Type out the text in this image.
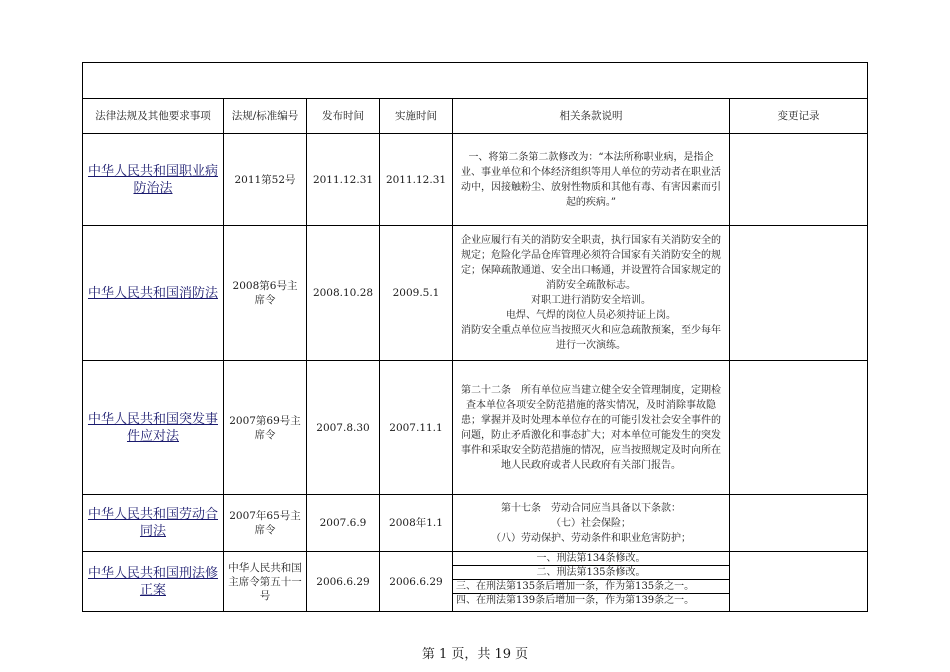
法律法规及其他要求事项	法规/标准编号	发布时间	实施时间	相关条款说明	变更记录
中华人民共和国职业病防治法	2011第52号	2011.12.31	2011.12.31	一、将第二条第二款修改为：“本法所称职业病，是指企业、事业单位和个体经济组织等用人单位的劳动者在职业活动中，因接触粉尘、放射性物质和其他有毒、有害因素而引起的疾病。”	

中华人民共和国消防法	2008第6号主席令	2008.10.28	2009.5.1	企业应履行有关的消防安全职责，执行国家有关消防安全的规定；危险化学品仓库管理必须符合国家有关消防安全的规定；保障疏散通道、安全出口畅通，并设置符合国家规定的消防安全疏散标志。
对职工进行消防安全培训。
电焊、气焊的岗位人员必须持证上岗。
消防安全重点单位应当按照灭火和应急疏散预案，至少每年进行一次演练。	

中华人民共和国突发事件应对法	2007第69号主席令	2007.8.30	2007.11.1	第二十二条　所有单位应当建立健全安全管理制度，定期检查本单位各项安全防范措施的落实情况，及时消除事故隐患；掌握并及时处理本单位存在的可能引发社会安全事件的问题，防止矛盾激化和事态扩大；对本单位可能发生的突发事件和采取安全防范措施的情况，应当按照规定及时向所在地人民政府或者人民政府有关部门报告。	

中华人民共和国劳动合同法	2007年65号主席令	2007.6.9	2008年1.1	第十七条　劳动合同应当具备以下条款：
（七）社会保险；
（八）劳动保护、劳动条件和职业危害防护；	

中华人民共和国刑法修正案	中华人民共和国主席令第五十一号	2006.6.29	2006.6.29	一、刑法第134条修改。
二、刑法第135条修改。
三、在刑法第135条后增加一条，作为第135条之一。
四、在刑法第139条后增加一条，作为第139条之一。	

第 1 页，共 19 页
